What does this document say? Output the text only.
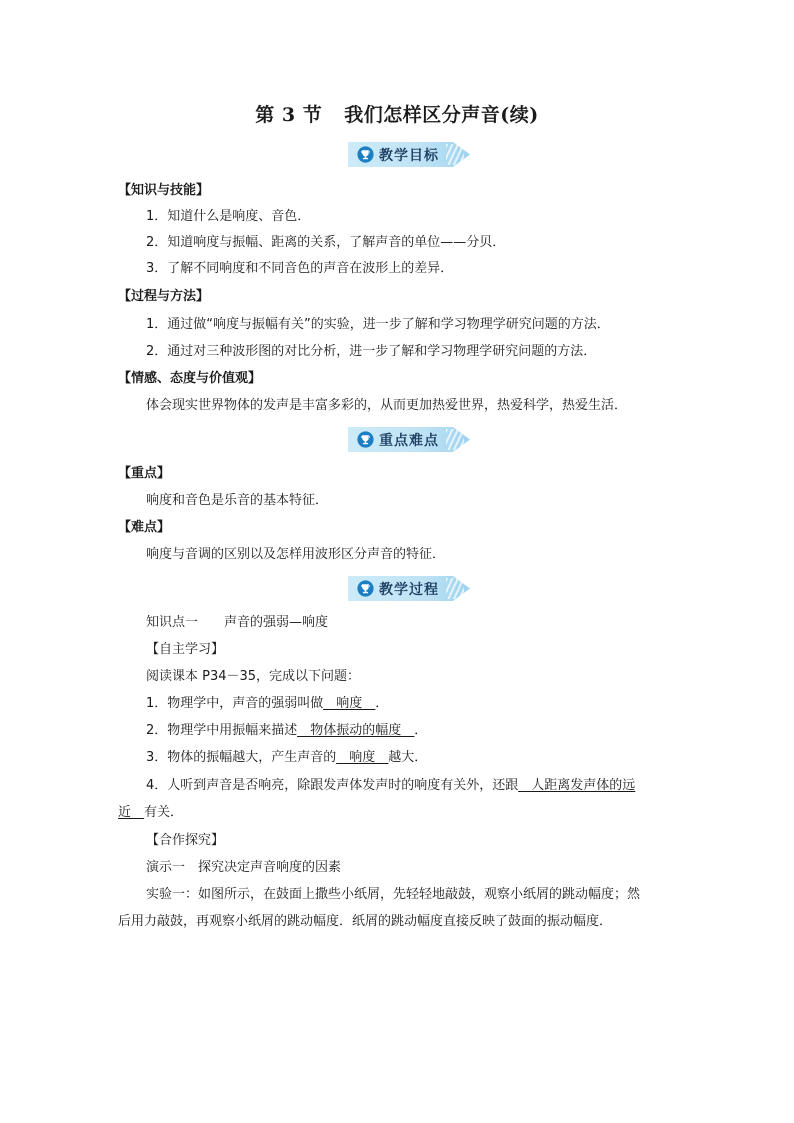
第 3 节 我们怎样区分声音(续)
教学目标
【知识与技能】
1．知道什么是响度、音色．
2．知道响度与振幅、距离的关系，了解声音的单位——分贝．
3．了解不同响度和不同音色的声音在波形上的差异．
【过程与方法】
1．通过做“响度与振幅有关”的实验，进一步了解和学习物理学研究问题的方法．
2．通过对三种波形图的对比分析，进一步了解和学习物理学研究问题的方法．
【情感、态度与价值观】
体会现实世界物体的发声是丰富多彩的，从而更加热爱世界，热爱科学，热爱生活．
重点难点
【重点】
响度和音色是乐音的基本特征．
【难点】
响度与音调的区别以及怎样用波形区分声音的特征．
教学过程
知识点一　　声音的强弱—响度
【自主学习】
阅读课本 P34－35，完成以下问题：
1．物理学中，声音的强弱叫做__响度__．
2．物理学中用振幅来描述__物体振动的幅度__．
3．物体的振幅越大，产生声音的__响度__越大．
4．人听到声音是否响亮，除跟发声体发声时的响度有关外，还跟__人距离发声体的远
近__有关．
【合作探究】
演示一　探究决定声音响度的因素
实验一：如图所示，在鼓面上撒些小纸屑，先轻轻地敲鼓，观察小纸屑的跳动幅度；然
后用力敲鼓，再观察小纸屑的跳动幅度．纸屑的跳动幅度直接反映了鼓面的振动幅度．
